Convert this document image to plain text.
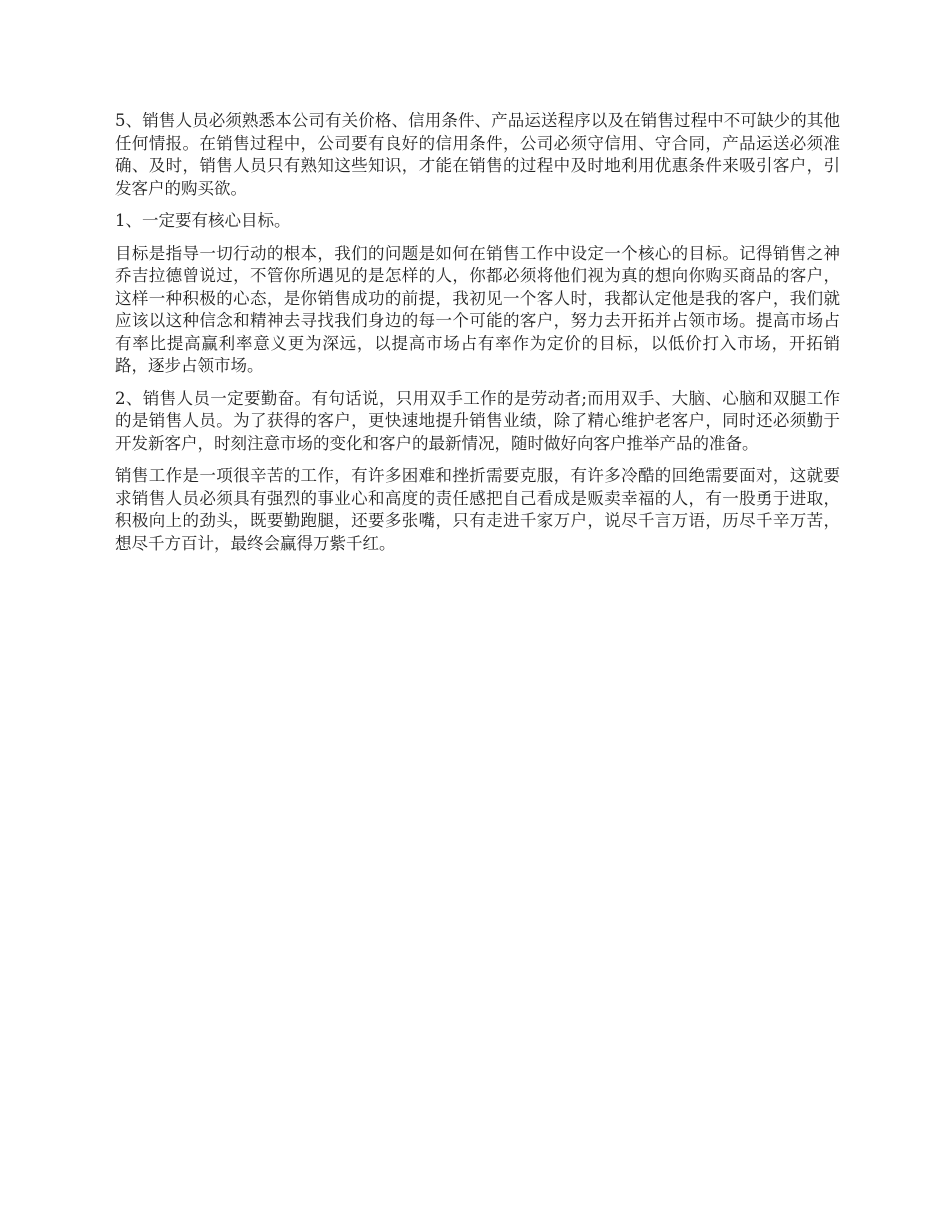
5、销售人员必须熟悉本公司有关价格、信用条件、产品运送程序以及在销售过程中不可缺少的其他任何情报。在销售过程中，公司要有良好的信用条件，公司必须守信用、守合同，产品运送必须准确、及时，销售人员只有熟知这些知识，才能在销售的过程中及时地利用优惠条件来吸引客户，引发客户的购买欲。

1、一定要有核心目标。

目标是指导一切行动的根本，我们的问题是如何在销售工作中设定一个核心的目标。记得销售之神乔吉拉德曾说过，不管你所遇见的是怎样的人，你都必须将他们视为真的想向你购买商品的客户，这样一种积极的心态，是你销售成功的前提，我初见一个客人时，我都认定他是我的客户，我们就应该以这种信念和精神去寻找我们身边的每一个可能的客户，努力去开拓并占领市场。提高市场占有率比提高赢利率意义更为深远，以提高市场占有率作为定价的目标，以低价打入市场，开拓销路，逐步占领市场。

2、销售人员一定要勤奋。有句话说，只用双手工作的是劳动者;而用双手、大脑、心脑和双腿工作的是销售人员。为了获得的客户，更快速地提升销售业绩，除了精心维护老客户，同时还必须勤于开发新客户，时刻注意市场的变化和客户的最新情况，随时做好向客户推举产品的准备。

销售工作是一项很辛苦的工作，有许多困难和挫折需要克服，有许多冷酷的回绝需要面对，这就要求销售人员必须具有强烈的事业心和高度的责任感把自己看成是贩卖幸福的人，有一股勇于进取，积极向上的劲头，既要勤跑腿，还要多张嘴，只有走进千家万户，说尽千言万语，历尽千辛万苦，想尽千方百计，最终会赢得万紫千红。
